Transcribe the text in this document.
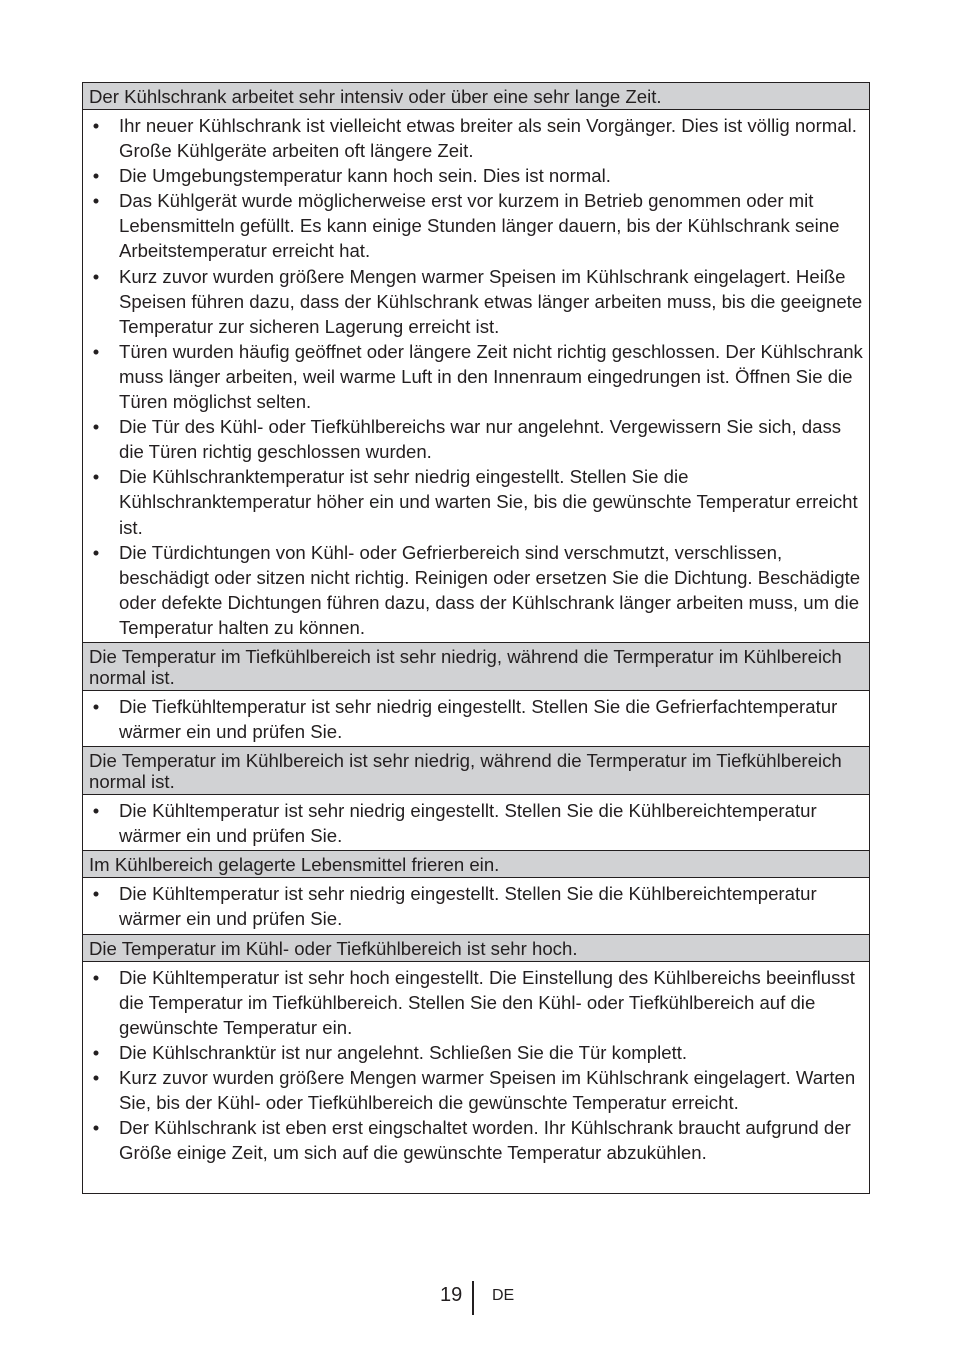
Der Kühlschrank arbeitet sehr intensiv oder über eine sehr lange Zeit.
• Ihr neuer Kühlschrank ist vielleicht etwas breiter als sein Vorgänger. Dies ist völlig normal. Große Kühlgeräte arbeiten oft längere Zeit.
• Die Umgebungstemperatur kann hoch sein. Dies ist normal.
• Das Kühlgerät wurde möglicherweise erst vor kurzem in Betrieb genommen oder mit Lebensmitteln gefüllt. Es kann einige Stunden länger dauern, bis der Kühlschrank seine Arbeitstemperatur erreicht hat.
• Kurz zuvor wurden größere Mengen warmer Speisen im Kühlschrank eingelagert. Heiße Speisen führen dazu, dass der Kühlschrank etwas länger arbeiten muss, bis die geeignete Temperatur zur sicheren Lagerung erreicht ist.
• Türen wurden häufig geöffnet oder längere Zeit nicht richtig geschlossen. Der Kühlschrank muss länger arbeiten, weil warme Luft in den Innenraum eingedrungen ist. Öffnen Sie die Türen möglichst selten.
• Die Tür des Kühl- oder Tiefkühlbereichs war nur angelehnt. Vergewissern Sie sich, dass die Türen richtig geschlossen wurden.
• Die Kühlschranktemperatur ist sehr niedrig eingestellt. Stellen Sie die Kühlschranktemperatur höher ein und warten Sie, bis die gewünschte Temperatur erreicht ist.
• Die Türdichtungen von Kühl- oder Gefrierbereich sind verschmutzt, verschlissen, beschädigt oder sitzen nicht richtig. Reinigen oder ersetzen Sie die Dichtung. Beschädigte oder defekte Dichtungen führen dazu, dass der Kühlschrank länger arbeiten muss, um die Temperatur halten zu können.
Die Temperatur im Tiefkühlbereich ist sehr niedrig, während die Termperatur im Kühlbereich normal ist.
• Die Tiefkühltemperatur ist sehr niedrig eingestellt. Stellen Sie die Gefrierfachtemperatur wärmer ein und prüfen Sie.
Die Temperatur im Kühlbereich ist sehr niedrig, während die Termperatur im Tiefkühlbereich normal ist.
• Die Kühltemperatur ist sehr niedrig eingestellt. Stellen Sie die Kühlbereichtemperatur wärmer ein und prüfen Sie.
Im Kühlbereich gelagerte Lebensmittel frieren ein.
• Die Kühltemperatur ist sehr niedrig eingestellt. Stellen Sie die Kühlbereichtemperatur wärmer ein und prüfen Sie.
Die Temperatur im Kühl- oder Tiefkühlbereich ist sehr hoch.
• Die Kühltemperatur ist sehr hoch eingestellt. Die Einstellung des Kühlbereichs beeinflusst die Temperatur im Tiefkühlbereich. Stellen Sie den Kühl- oder Tiefkühlbereich auf die gewünschte Temperatur ein.
• Die Kühlschranktür ist nur angelehnt. Schließen Sie die Tür komplett.
• Kurz zuvor wurden größere Mengen warmer Speisen im Kühlschrank eingelagert. Warten Sie, bis der Kühl- oder Tiefkühlbereich die gewünschte Temperatur erreicht.
• Der Kühlschrank ist eben erst eingschaltet worden. Ihr Kühlschrank braucht aufgrund der Größe einige Zeit, um sich auf die gewünschte Temperatur abzukühlen.
19 DE
